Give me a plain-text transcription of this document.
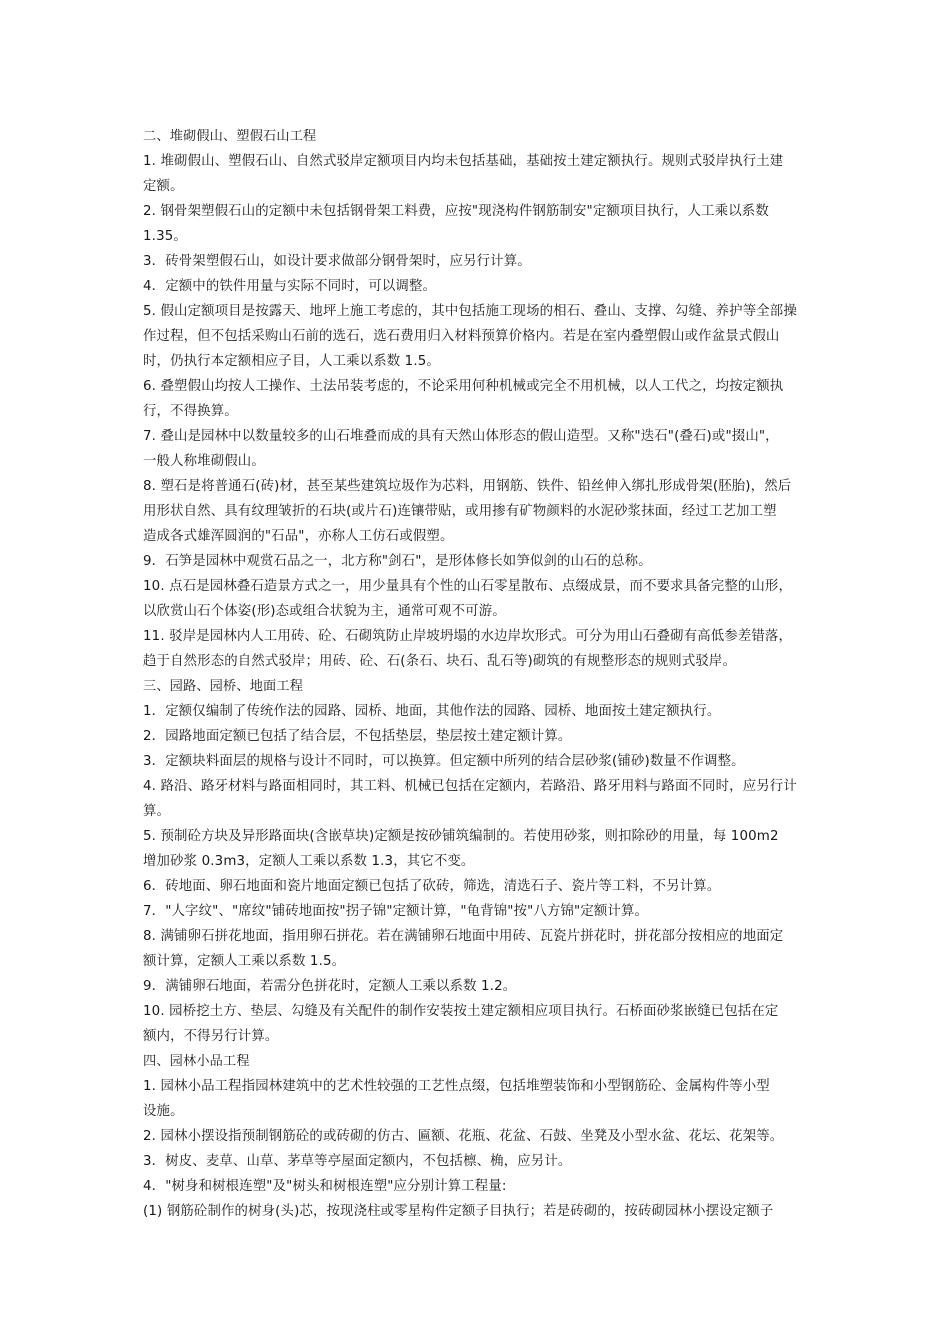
二、堆砌假山、塑假石山工程
1. 堆砌假山、塑假石山、自然式驳岸定额项目内均未包括基础，基础按土建定额执行。规则式驳岸执行土建
定额。
2. 钢骨架塑假石山的定额中未包括钢骨架工料费，应按"现浇构件钢筋制安"定额项目执行，人工乘以系数
1.35。
3．砖骨架塑假石山，如设计要求做部分钢骨架时，应另行计算。
4．定额中的铁件用量与实际不同时，可以调整。
5. 假山定额项目是按露天、地坪上施工考虑的，其中包括施工现场的相石、叠山、支撑、勾缝、养护等全部操
作过程，但不包括采购山石前的选石，选石费用归入材料预算价格内。若是在室内叠塑假山或作盆景式假山
时，仍执行本定额相应子目，人工乘以系数 1.5。
6. 叠塑假山均按人工操作、土法吊装考虑的，不论采用何种机械或完全不用机械，以人工代之，均按定额执
行，不得换算。
7. 叠山是园林中以数量较多的山石堆叠而成的具有天然山体形态的假山造型。又称"迭石"(叠石)或"掇山"，
一般人称堆砌假山。
8. 塑石是将普通石(砖)材，甚至某些建筑垃圾作为芯料，用钢筋、铁件、铅丝伸入绑扎形成骨架(胚胎)，然后
用形状自然、具有纹理皱折的石块(或片石)连镶带贴，或用掺有矿物颜料的水泥砂浆抹面，经过工艺加工塑
造成各式雄浑圆润的"石品"，亦称人工仿石或假塑。
9．石笋是园林中观赏石品之一，北方称"剑石"，是形体修长如笋似剑的山石的总称。
10. 点石是园林叠石造景方式之一，用少量具有个性的山石零星散布、点缀成景，而不要求具备完整的山形，
以欣赏山石个体姿(形)态或组合状貌为主，通常可观不可游。
11. 驳岸是园林内人工用砖、砼、石砌筑防止岸坡坍塌的水边岸坎形式。可分为用山石叠砌有高低参差错落，
趋于自然形态的自然式驳岸；用砖、砼、石(条石、块石、乱石等)砌筑的有规整形态的规则式驳岸。
三、园路、园桥、地面工程
1．定额仅编制了传统作法的园路、园桥、地面，其他作法的园路、园桥、地面按土建定额执行。
2．园路地面定额已包括了结合层，不包括垫层，垫层按土建定额计算。
3．定额块料面层的规格与设计不同时，可以换算。但定额中所列的结合层砂浆(铺砂)数量不作调整。
4. 路沿、路牙材料与路面相同时，其工料、机械已包括在定额内，若路沿、路牙用料与路面不同时，应另行计
算。
5. 预制砼方块及异形路面块(含嵌草块)定额是按砂铺筑编制的。若使用砂浆，则扣除砂的用量，每 100m2
增加砂浆 0.3m3，定额人工乘以系数 1.3，其它不变。
6．砖地面、卵石地面和瓷片地面定额已包括了砍砖，筛选，清选石子、瓷片等工料，不另计算。
7．"人字纹"、"席纹"铺砖地面按"拐子锦"定额计算，"龟背锦"按"八方锦"定额计算。
8. 满铺卵石拼花地面，指用卵石拼花。若在满铺卵石地面中用砖、瓦瓷片拼花时，拼花部分按相应的地面定
额计算，定额人工乘以系数 1.5。
9．满铺卵石地面，若需分色拼花时，定额人工乘以系数 1.2。
10. 园桥挖土方、垫层、勾缝及有关配件的制作安装按土建定额相应项目执行。石桥面砂浆嵌缝已包括在定
额内，不得另行计算。
四、园林小品工程
1. 园林小品工程指园林建筑中的艺术性较强的工艺性点缀，包括堆塑装饰和小型钢筋砼、金属构件等小型
设施。
2. 园林小摆设指预制钢筋砼的或砖砌的仿古、匾额、花瓶、花盆、石鼓、坐凳及小型水盆、花坛、花架等。
3．树皮、麦草、山草、茅草等亭屋面定额内，不包括檩、桷，应另计。
4．"树身和树根连塑"及"树头和树根连塑"应分别计算工程量:
(1) 钢筋砼制作的树身(头)芯，按现浇柱或零星构件定额子目执行；若是砖砌的，按砖砌园林小摆设定额子
